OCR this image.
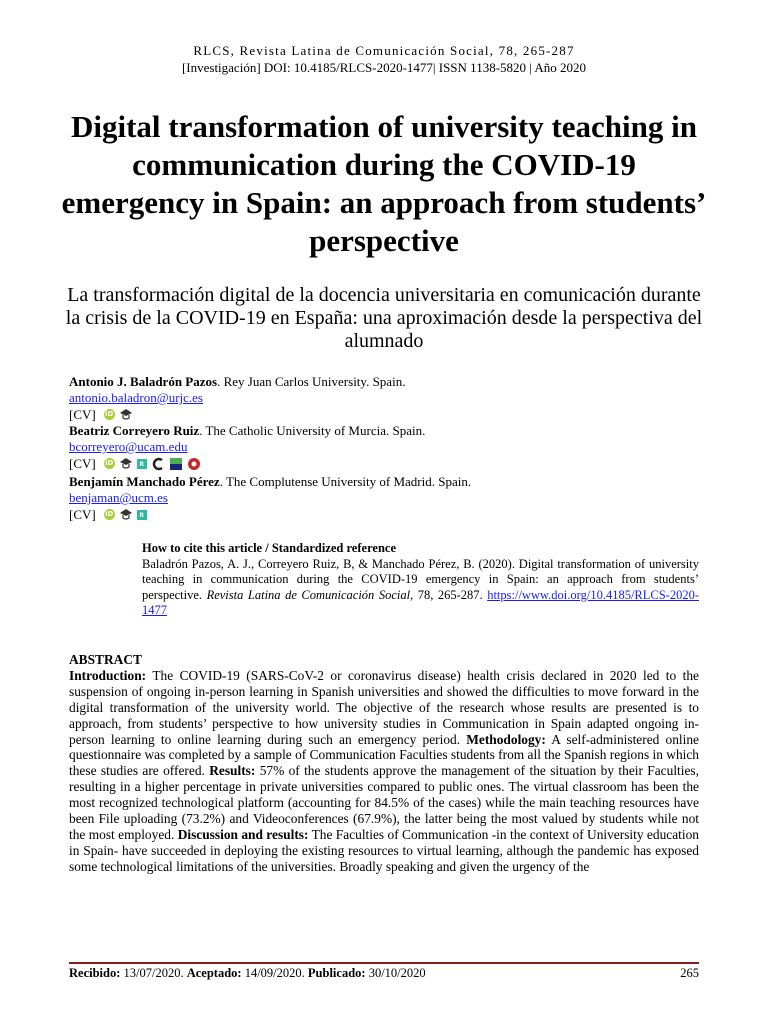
RLCS, Revista Latina de Comunicación Social, 78, 265-287
[Investigación] DOI: 10.4185/RLCS-2020-1477| ISSN 1138-5820 | Año 2020
Digital transformation of university teaching in communication during the COVID-19 emergency in Spain: an approach from students’ perspective
La transformación digital de la docencia universitaria en comunicación durante la crisis de la COVID-19 en España: una aproximación desde la perspectiva del alumnado
Antonio J. Baladrón Pazos. Rey Juan Carlos University. Spain.
antonio.baladron@urjc.es
[CV] iD
Beatriz Correyero Ruiz. The Catholic University of Murcia. Spain.
bcorreyero@ucam.edu
[CV] iD	R
Benjamín Manchado Pérez. The Complutense University of Madrid. Spain.
benjaman@ucm.es
[CV] iD	R
How to cite this article / Standardized reference
Baladrón Pazos, A. J., Correyero Ruiz, B, & Manchado Pérez, B. (2020). Digital transformation of university teaching in communication during the COVID-19 emergency in Spain: an approach from students’ perspective. Revista Latina de Comunicación Social, 78, 265-287. https://www.doi.org/10.4185/RLCS-2020-1477
ABSTRACT
Introduction: The COVID-19 (SARS-CoV-2 or coronavirus disease) health crisis declared in 2020 led to the suspension of ongoing in-person learning in Spanish universities and showed the difficulties to move forward in the digital transformation of the university world. The objective of the research whose results are presented is to approach, from students’ perspective to how university studies in Communication in Spain adapted ongoing in-person learning to online learning during such an emergency period. Methodology: A self-administered online questionnaire was completed by a sample of Communication Faculties students from all the Spanish regions in which these studies are offered. Results: 57% of the students approve the management of the situation by their Faculties, resulting in a higher percentage in private universities compared to public ones. The virtual classroom has been the most recognized technological platform (accounting for 84.5% of the cases) while the main teaching resources have been File uploading (73.2%) and Videoconferences (67.9%), the latter being the most valued by students while not the most employed. Discussion and results: The Faculties of Communication -in the context of University education in Spain- have succeeded in deploying the existing resources to virtual learning, although the pandemic has exposed some technological limitations of the universities. Broadly speaking and given the urgency of the
Recibido: 13/07/2020. Aceptado: 14/09/2020. Publicado: 30/10/2020	265
